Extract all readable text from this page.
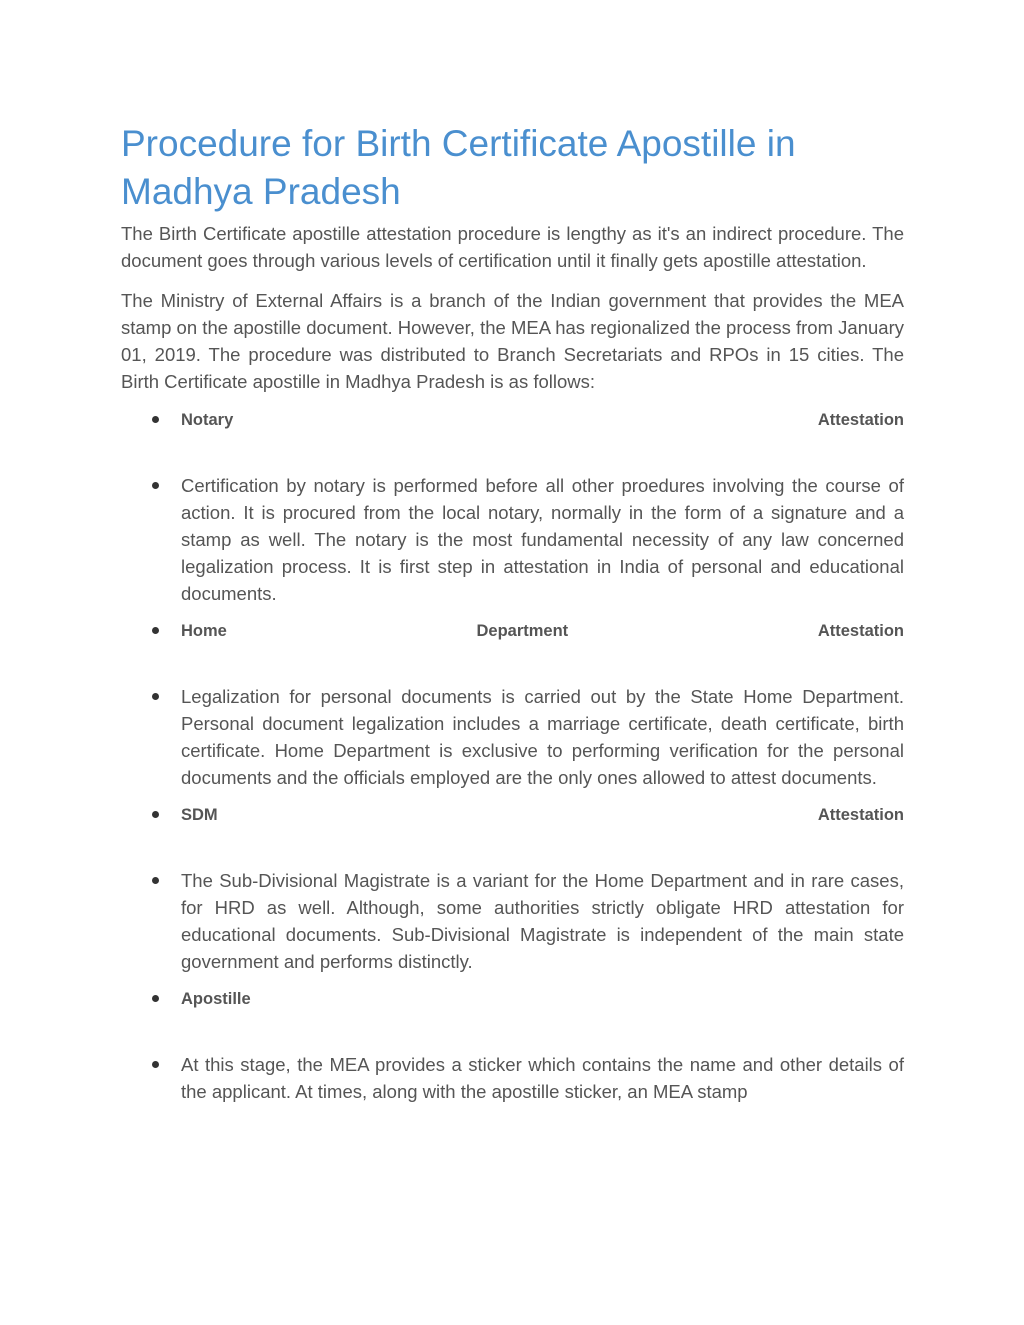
Procedure for Birth Certificate Apostille in Madhya Pradesh

The Birth Certificate apostille attestation procedure is lengthy as it's an indirect procedure. The document goes through various levels of certification until it finally gets apostille attestation.

The Ministry of External Affairs is a branch of the Indian government that provides the MEA stamp on the apostille document. However, the MEA has regionalized the process from January 01, 2019. The procedure was distributed to Branch Secretariats and RPOs in 15 cities. The Birth Certificate apostille in Madhya Pradesh is as follows:

Notary	Attestation
Certification by notary is performed before all other proedures involving the course of action. It is procured from the local notary, normally in the form of a signature and a stamp as well. The notary is the most fundamental necessity of any law concerned legalization process. It is first step in attestation in India of personal and educational documents.
Home	Department	Attestation
Legalization for personal documents is carried out by the State Home Department. Personal document legalization includes a marriage certificate, death certificate, birth certificate. Home Department is exclusive to performing verification for the personal documents and the officials employed are the only ones allowed to attest documents.
SDM	Attestation
The Sub-Divisional Magistrate is a variant for the Home Department and in rare cases, for HRD as well. Although, some authorities strictly obligate HRD attestation for educational documents. Sub-Divisional Magistrate is independent of the main state government and performs distinctly.
Apostille
At this stage, the MEA provides a sticker which contains the name and other details of the applicant. At times, along with the apostille sticker, an MEA stamp
